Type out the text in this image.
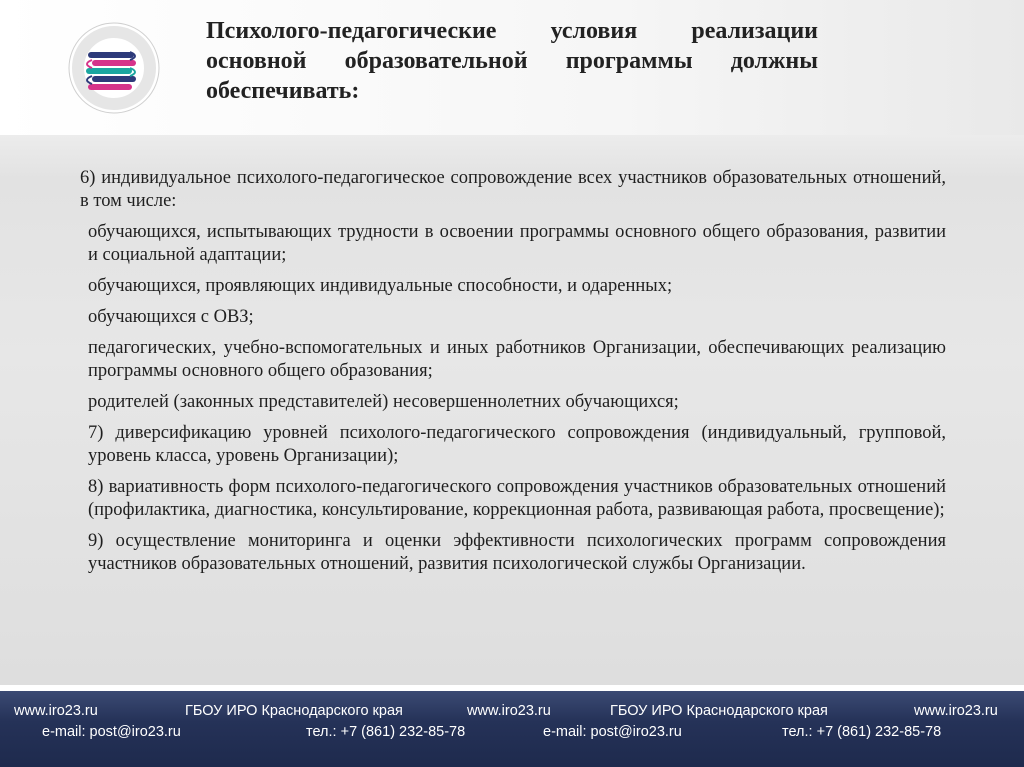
Психолого-педагогические условия реализации основной образовательной программы должны обеспечивать:

6) индивидуальное психолого-педагогическое сопровождение всех участников образовательных отношений, в том числе:

обучающихся, испытывающих трудности в освоении программы основного общего образования, развитии и социальной адаптации;

обучающихся, проявляющих индивидуальные способности, и одаренных;

обучающихся с ОВЗ;

педагогических, учебно-вспомогательных и иных работников Организации, обеспечивающих реализацию программы основного общего образования;

родителей (законных представителей) несовершеннолетних обучающихся;

7) диверсификацию уровней психолого-педагогического сопровождения (индивидуальный, групповой, уровень класса, уровень Организации);

8) вариативность форм психолого-педагогического сопровождения участников образовательных отношений (профилактика, диагностика, консультирование, коррекционная работа, развивающая работа, просвещение);

9) осуществление мониторинга и оценки эффективности психологических программ сопровождения участников образовательных отношений, развития психологической службы Организации.

www.iro23.ru
e-mail: post@iro23.ru
ГБОУ ИРО Краснодарского края
тел.: +7 (861) 232-85-78
www.iro23.ru
e-mail: post@iro23.ru
ГБОУ ИРО Краснодарского края
тел.: +7 (861) 232-85-78
www.iro23.ru
